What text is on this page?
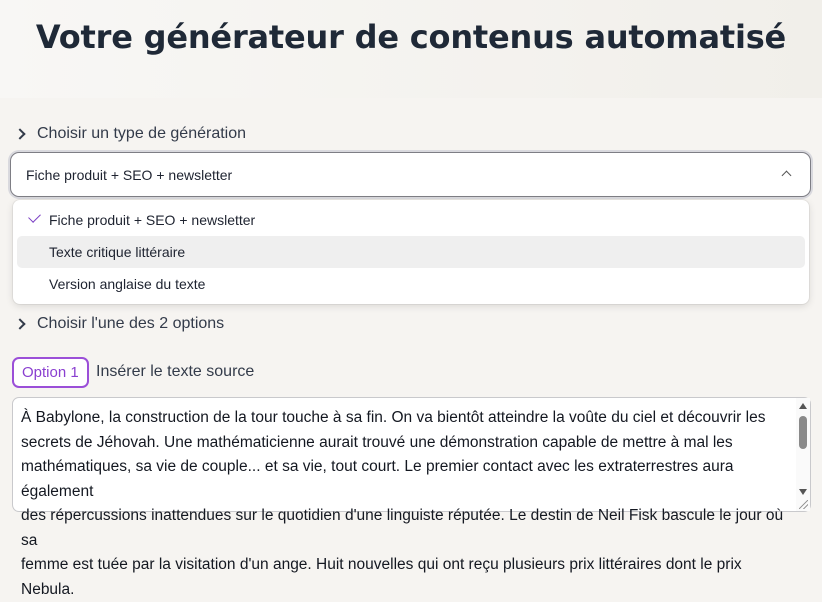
Votre générateur de contenus automatisé
Choisir un type de génération
Fiche produit + SEO + newsletter
Fiche produit + SEO + newsletter
Texte critique littéraire
Version anglaise du texte
Choisir l'une des 2 options
Option 1	Insérer le texte source
À Babylone, la construction de la tour touche à sa fin. On va bientôt atteindre la voûte du ciel et découvrir les
secrets de Jéhovah. Une mathématicienne aurait trouvé une démonstration capable de mettre à mal les
mathématiques, sa vie de couple... et sa vie, tout court. Le premier contact avec les extraterrestres aura également
des répercussions inattendues sur le quotidien d'une linguiste réputée. Le destin de Neil Fisk bascule le jour où sa
femme est tuée par la visitation d'un ange. Huit nouvelles qui ont reçu plusieurs prix littéraires dont le prix Nebula.
